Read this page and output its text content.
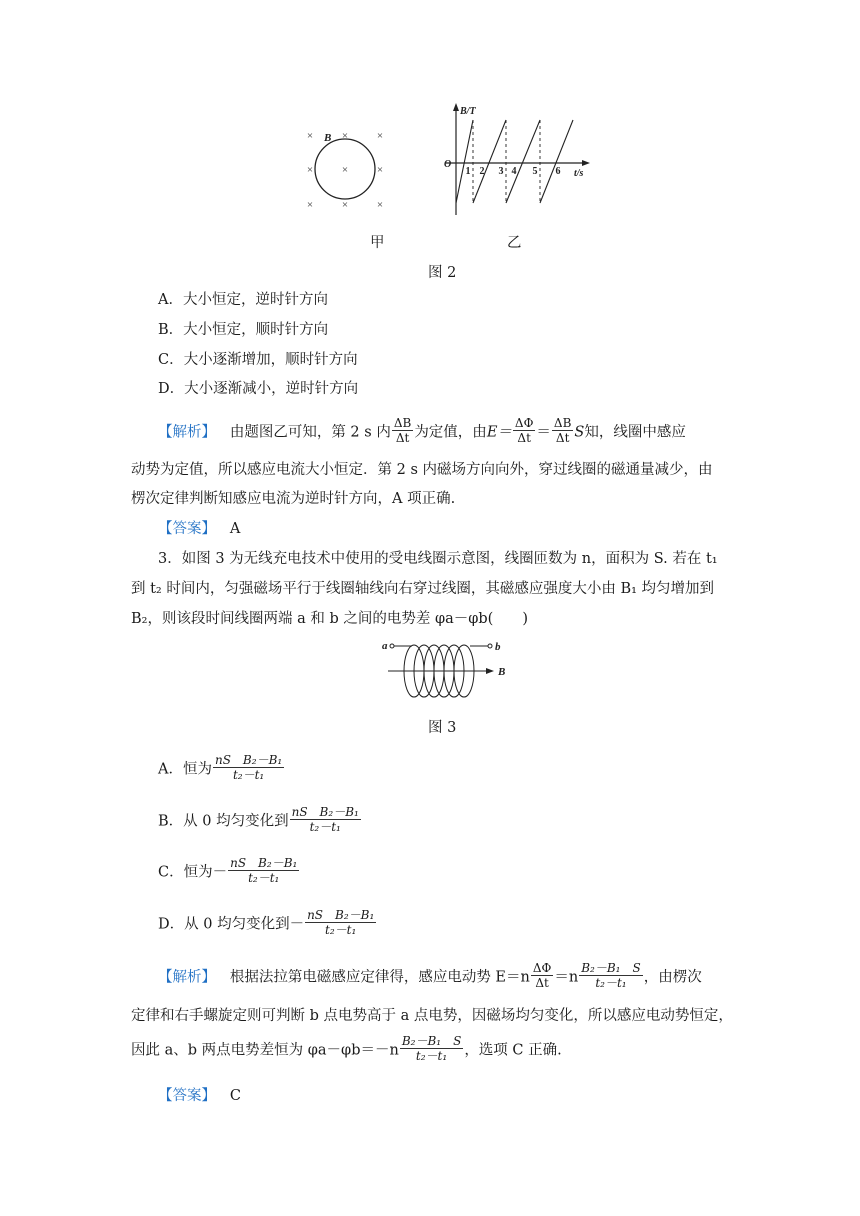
×	×	×
×	×	×
×	×	×
B
B/T
t/s
O
1 2 3 4 5 6
甲	乙
图 2
A．大小恒定，逆时针方向
B．大小恒定，顺时针方向
C．大小逐渐增加，顺时针方向
D．大小逐渐减小，逆时针方向
【解析】 由题图乙可知，第 2 s 内 $\frac{\Delta B}{\Delta t}$ 为定值，由$E= \frac{\Delta\Phi}{\Delta t} = \frac{\Delta B}{\Delta t}$ S知，线圈中感应
动势为定值，所以感应电流大小恒定．第 2 s 内磁场方向向外，穿过线圈的磁通量减少，由
楞次定律判断知感应电流为逆时针方向，A 项正确.
【答案】 A
3．如图 3 为无线充电技术中使用的受电线圈示意图，线圈匝数为 n，面积为 S. 若在 t₁
到 t₂ 时间内，匀强磁场平行于线圈轴线向右穿过线圈，其磁感应强度大小由 B₁ 均匀增加到
B₂，则该段时间线圈两端 a 和 b 之间的电势差 φa－φb(　　)
a	b
B
图 3
A．恒为 $\frac{\text{nS　B₂－B₁}}{\text{t₂－t₁}}$
B．从 0 均匀变化到 $\frac{\text{nS　B₂－B₁}}{\text{t₂－t₁}}$
C．恒为－ $\frac{\text{nS　B₂－B₁}}{\text{t₂－t₁}}$
D．从 0 均匀变化到－ $\frac{\text{nS　B₂－B₁}}{\text{t₂－t₁}}$
【解析】 根据法拉第电磁感应定律得，感应电动势 $E=n \frac{\Delta\Phi}{\Delta t} =n \frac{\text{B₂－B₁　S}}{\text{t₂－t₁}}$ ，由楞次
定律和右手螺旋定则可判断 b 点电势高于 a 点电势，因磁场均匀变化，所以感应电动势恒定，
因此 a、b 两点电势差恒为 $\varphi a-\varphi b=-n \frac{\text{B₂－B₁　S}}{\text{t₂－t₁}}$ ，选项 C 正确.
【答案】 C
